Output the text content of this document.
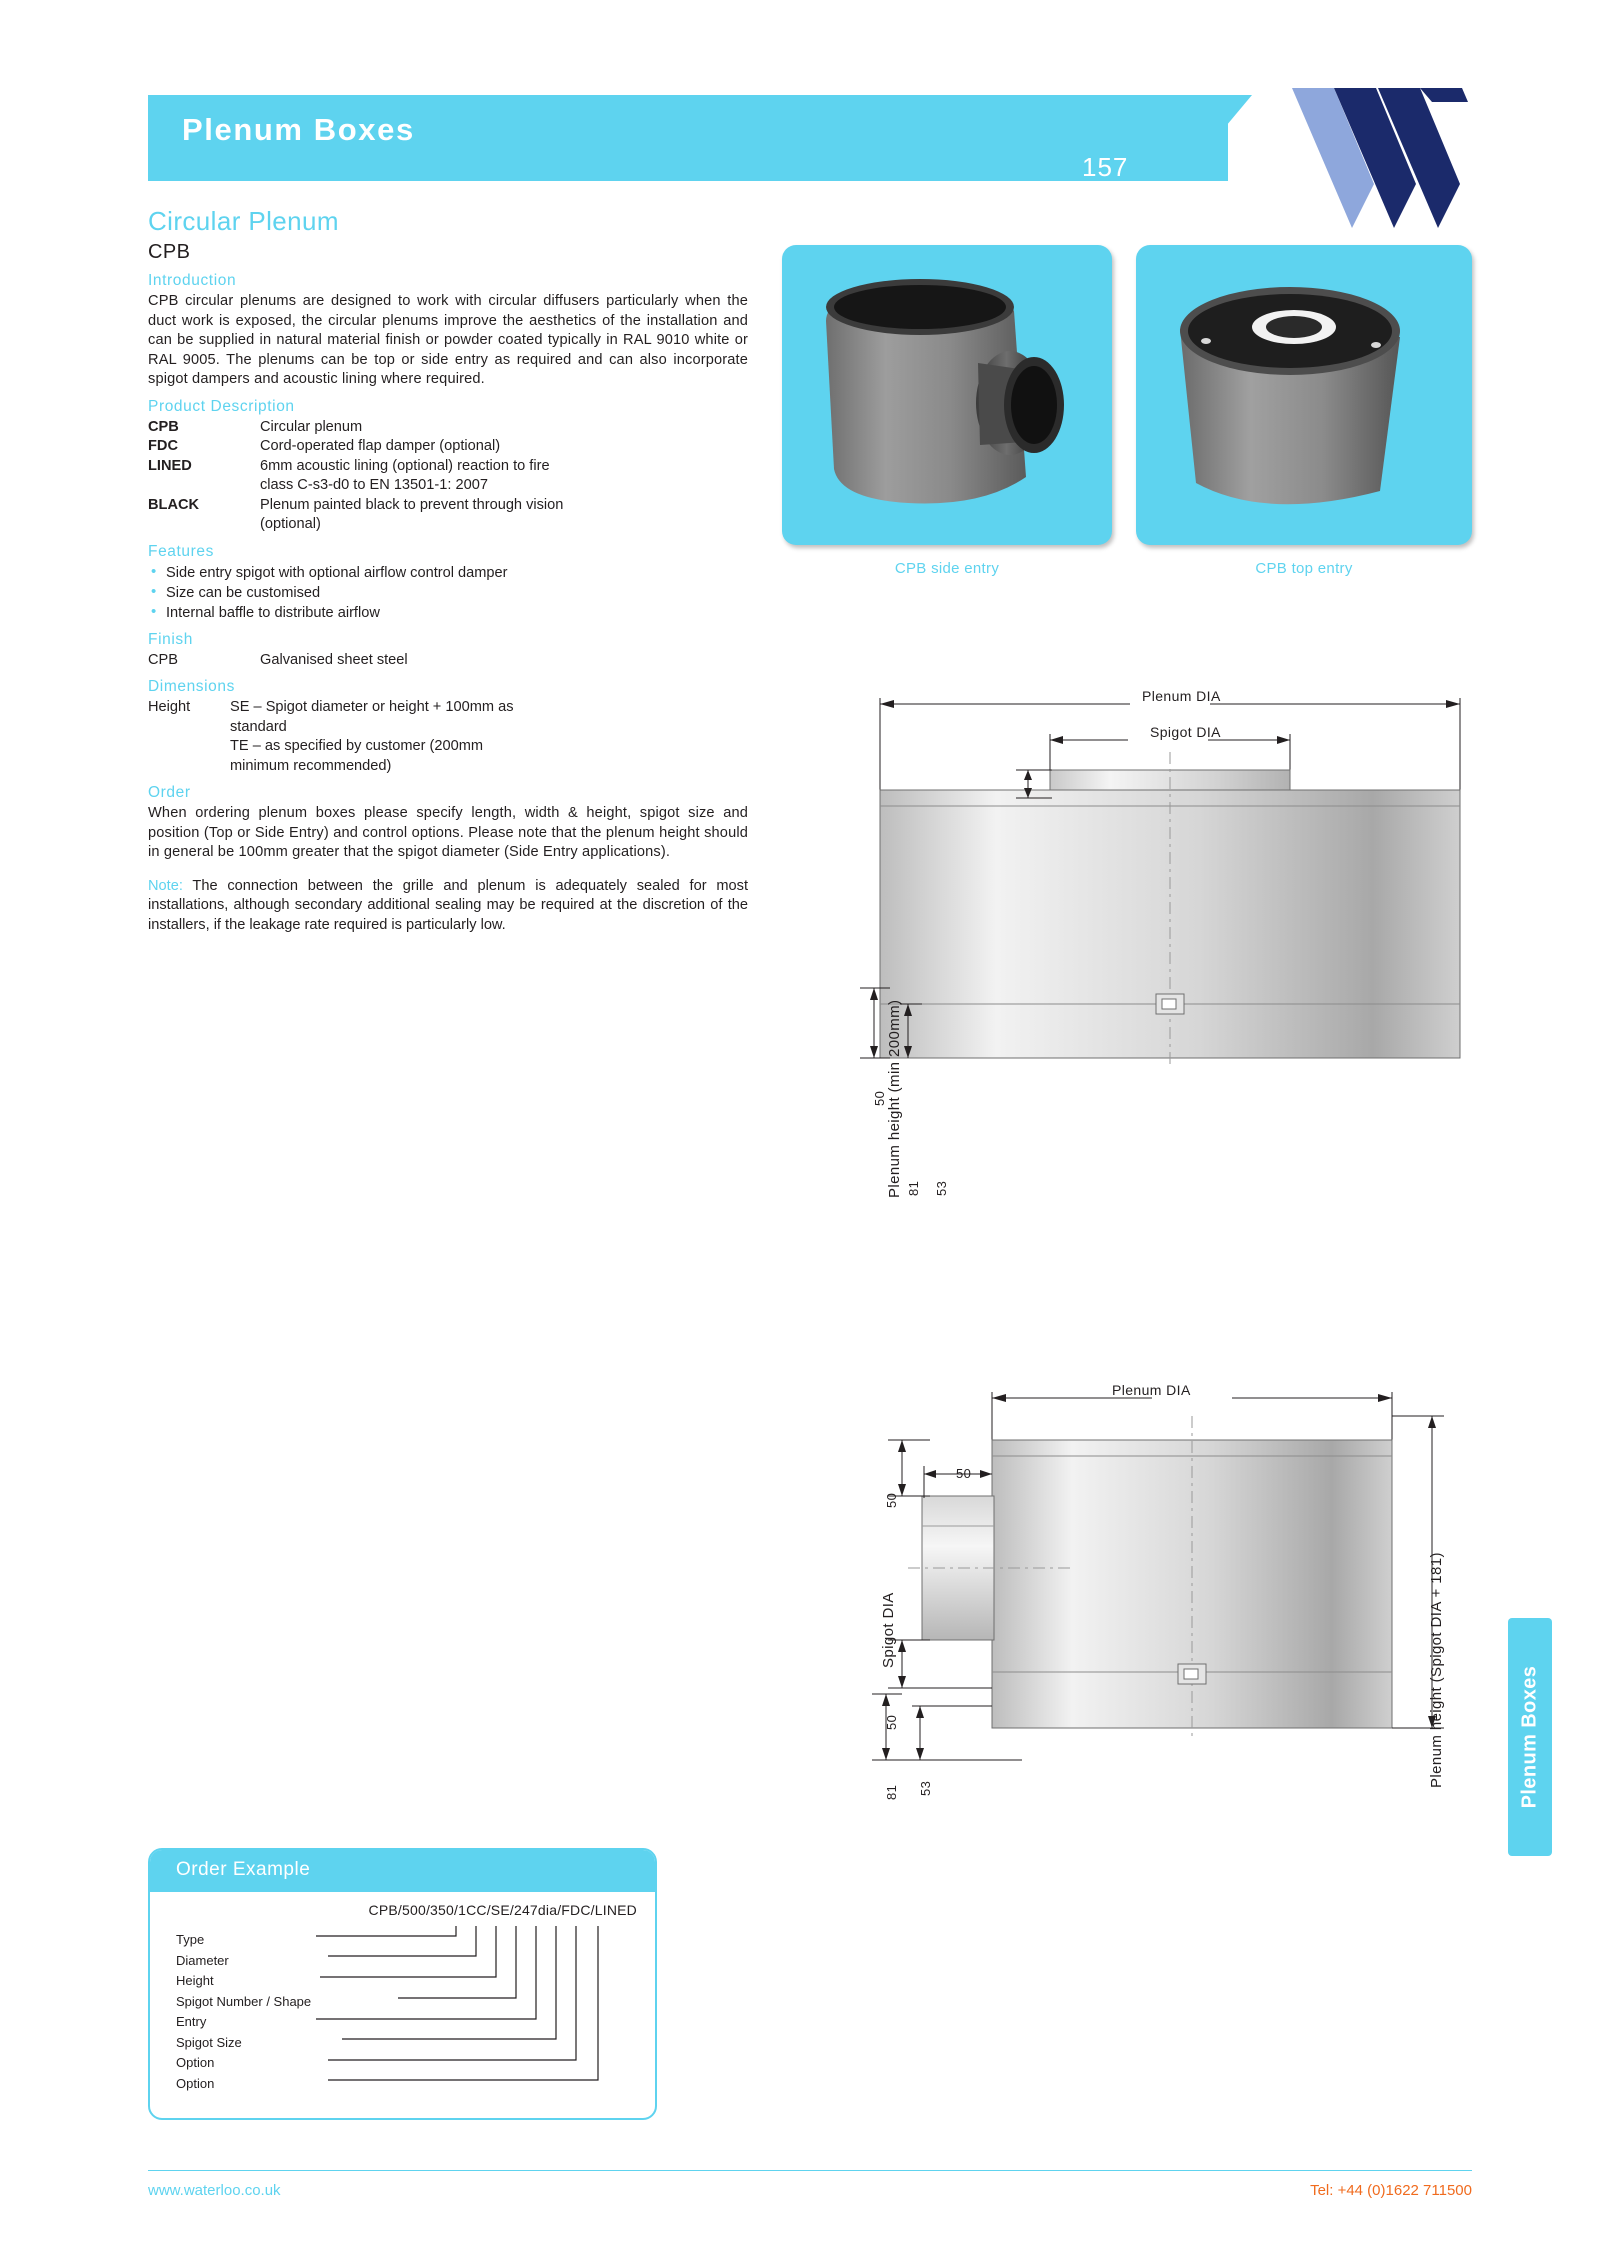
Plenum Boxes
157
Circular Plenum
CPB
Introduction

CPB circular plenums are designed to work with circular diffusers particularly when the duct work is exposed, the circular plenums improve the aesthetics of the installation and can be supplied in natural material finish or powder coated typically in RAL 9010 white or RAL 9005. The plenums can be top or side entry as required and can also incorporate spigot dampers and acoustic lining where required.

Product Description
CPB	Circular plenum
FDC	Cord-operated flap damper (optional)
LINED	6mm acoustic lining (optional) reaction to fire
class C-s3-d0 to EN 13501-1: 2007
BLACK	Plenum painted black to prevent through vision
(optional)
Features
• Side entry spigot with optional airflow control damper
• Size can be customised
• Internal baffle to distribute airflow
Finish
CPB	Galvanised sheet steel
Dimensions
Height	SE – Spigot diameter or height + 100mm as
standard
TE – as specified by customer (200mm
minimum recommended)
Order

When ordering plenum boxes please specify length, width & height, spigot size and position (Top or Side Entry) and control options. Please note that the plenum height should in general be 100mm greater that the spigot diameter (Side Entry applications).

Note: The connection between the grille and plenum is adequately sealed for most installations, although secondary additional sealing may be required at the discretion of the installers, if the leakage rate required is particularly low.

CPB side entry	CPB top entry
Plenum DIA
Spigot DIA
50 Plenum height (min 200mm) 81 53
Plenum DIA
50
50
50
81 53
Spigot DIA	Plenum height (Spigot DIA + 181)	Plenum Boxes
Order Example
CPB/500/350/1CC/SE/247dia/FDC/LINED
Type
Diameter
Height
Spigot Number / Shape
Entry
Spigot Size
Option
Option
www.waterloo.co.uk	Tel: +44 (0)1622 711500
